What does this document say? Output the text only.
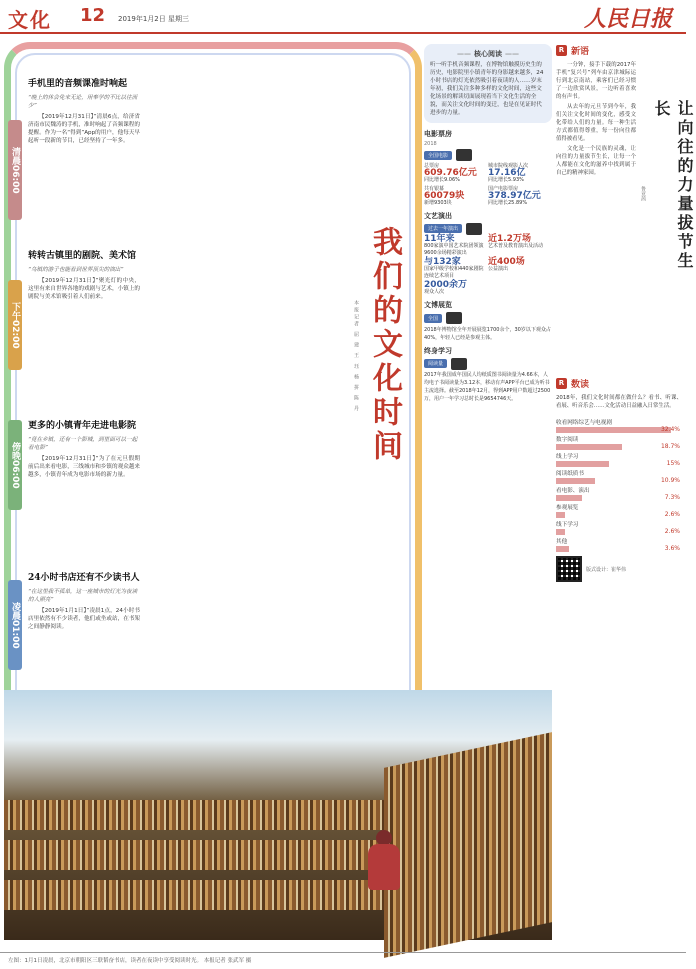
文化 12 2019年1月2日 星期三	人民日报
清晨06:00
下午02:00
傍晚06:00
凌晨01:00
手机里的音频课准时响起
“晚上的休会免来无论，用奉学的不比以往而少”

【2019年12月31日】”清晨6点，给济省济南市民魏涛的手机，准时响起了音频课程的提醒。作为一名“得到”App的用户，他每天早起听一段新的节目，已经坚持了一年多。

转转古镇里的剧院、美术馆
“乌镇的游子也能看到世界顶尖的演出”

【2019年12月31日】”聚光灯的中央，这里有来自世界各地的戏剧与艺术，小镇上的剧院与美术馆吸引着人们前来。

更多的小镇青年走进电影院
“竟在乡镇，还有一个影城，到里面可以一起看电影”

【2019年12月31日】”为了在元旦假期前后出来看电影，三线城市和乡镇的观众越来越多，小镇青年成为电影市场的新力量。

24小时书店还有不少读书人
“在这里我不孤单，这一座城市的灯光为夜读的人照亮”

【2019年1月1日】”凌晨1点，24小时书店里依然有不少读者，他们或坐或站，在书架之间静静阅读。

我们的文化时间
本报记者 屈 建 王 珏 杨 拼 陈 丹
—— 核心阅读 ——
听一听手机音频课程，在博物馆触摸历史生的历史，电影院里小镇青年的身影越来越多，24小时书店的灯光依然吸引着夜读的人……岁末年初，我们关注多种多样的文化时间，这些文化场景的解读切面展现着当下文化生活的全貌，而关注文化时间的变迁，也是在见证时代进步的力量。
电影票房
2018
全国电影
总票房
609.76亿元
同比增长9.06%
城市院线观影人次
17.16亿
同比增长5.93%
共有银幕
60079块
新增9303块
国产电影票房
378.97亿元
同比增长25.89%
文艺演出
过去一年演出
11年来
800家演中国艺术院团领演9600余场精彩演出
近1.2万场
艺术普及教育演出及活动
与132家
国家甲级学校和440家剧院连续艺术项目
近400场
公益演出
2000余万
观众人次
文博展览
全国
2018年博物馆全年开展展览1700余个，30岁以下观众占40%，年轻人已经是参观主体。
终身学习
阅读量
2017年我国成年国民人均纸质图书阅读量为4.66本，人均电子书阅读量为3.12本，移动有声APP平台已成为听书主流选择。截至2018年12月，得到APP用户数超过2500万，用户一年学习总时长是9654746天。
R 新语

一分钟，接手下载的2017年手机“复兴号”列车由京津城际运行到北京南站，乘客们已经习惯了一边欣赏风景，一边听着喜欢的有声书。

从去年的元旦节到今年，我们关注文化时间的变化，感受文化带给人们的力量。每一种生活方式都值得尊重，每一份向往都值得被看见。

文化是一个民族的灵魂，让向往的力量拔节生长，让每一个人都能在文化的滋养中找到属于自己的精神家园。

R 数读
2018年，我们文化时间都在做什么？看书、听课、看展、听音乐会……文化活动日益融入日常生活。
收看网络综艺与电视剧
32.4%
数字阅读
18.7%
线上学习
15%
阅读纸质书
10.9%
看电影、演出
7.3%
参观展览
2.6%
线下学习
2.6%
其他
3.6%
版式设计：崔华伟
让向往的力量拔节生长
鲁亚茜
左图：1月1日凌晨，北京市朝阳区三联韬奋书店，读者在夜读中享受阅读时光。 本报记者 张武军 摄
